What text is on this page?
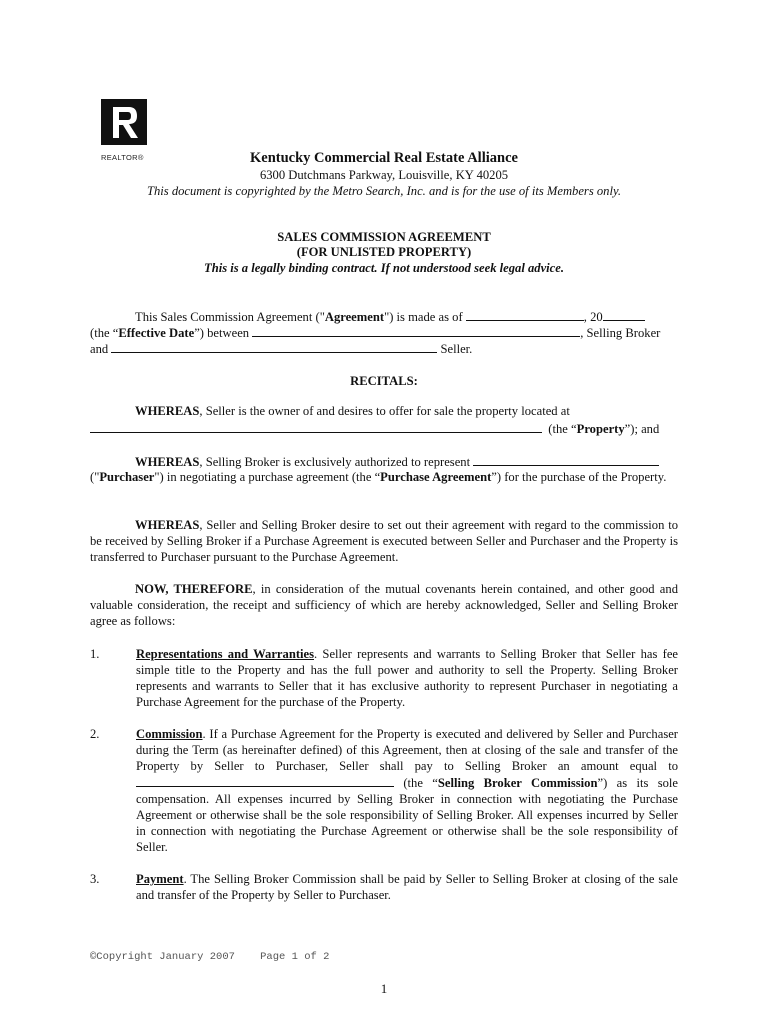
REALTOR®	Kentucky Commercial Real Estate Alliance
6300 Dutchmans Parkway, Louisville, KY 40205
This document is copyrighted by the Metro Search, Inc. and is for the use of its Members only.
SALES COMMISSION AGREEMENT
(FOR UNLISTED PROPERTY)
This is a legally binding contract. If not understood seek legal advice.
This Sales Commission Agreement ("Agreement") is made as of	, 20
(the “Effective Date”) between	, Selling Broker
and	Seller.
RECITALS:
WHEREAS, Seller is the owner of and desires to offer for sale the property located at
(the “Property”); and
WHEREAS, Selling Broker is exclusively authorized to represent
("Purchaser") in negotiating a purchase agreement (the “Purchase Agreement”) for the purchase of the Property.
WHEREAS, Seller and Selling Broker desire to set out their agreement with regard to the commission to be received by Selling Broker if a Purchase Agreement is executed between Seller and Purchaser and the Property is transferred to Purchaser pursuant to the Purchase Agreement.
NOW, THEREFORE, in consideration of the mutual covenants herein contained, and other good and valuable consideration, the receipt and sufficiency of which are hereby acknowledged, Seller and Selling Broker agree as follows:
1.	Representations and Warranties. Seller represents and warrants to Selling Broker that Seller has fee simple title to the Property and has the full power and authority to sell the Property. Selling Broker represents and warrants to Seller that it has exclusive authority to represent Purchaser in negotiating a Purchase Agreement for the purchase of the Property.
2.	Commission. If a Purchase Agreement for the Property is executed and delivered by Seller and Purchaser during the Term (as hereinafter defined) of this Agreement, then at closing of the sale and transfer of the Property by Seller to Purchaser, Seller shall pay to Selling Broker an amount equal to  (the “Selling Broker Commission”) as its sole compensation. All expenses incurred by Selling Broker in connection with negotiating the Purchase Agreement or otherwise shall be the sole responsibility of Selling Broker. All expenses incurred by Seller in connection with negotiating the Purchase Agreement or otherwise shall be the sole responsibility of Seller.
3.	Payment. The Selling Broker Commission shall be paid by Seller to Selling Broker at closing of the sale and transfer of the Property by Seller to Purchaser.
©Copyright January 2007    Page 1 of 2
1
